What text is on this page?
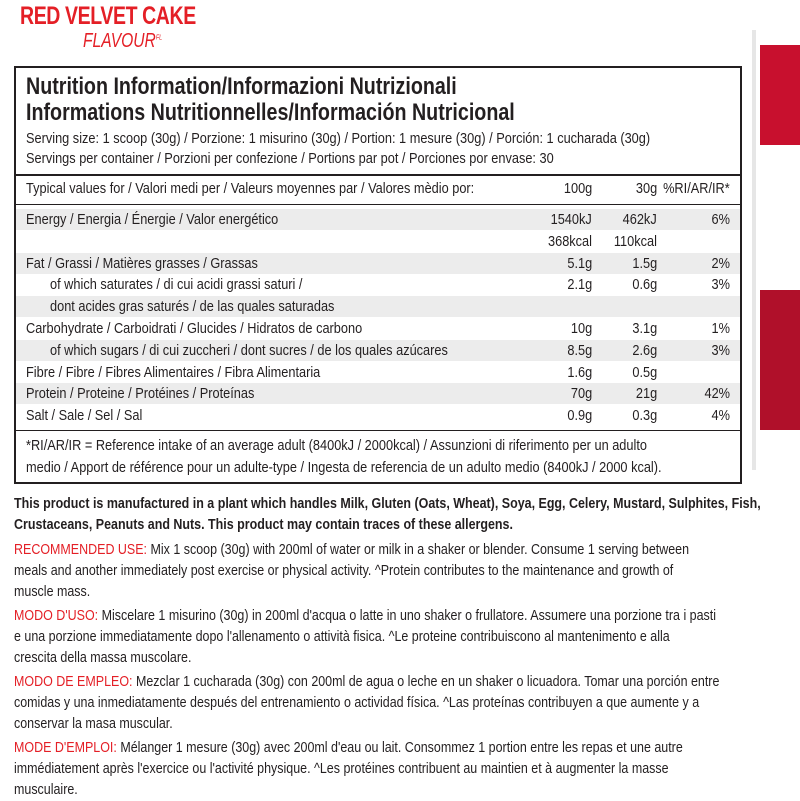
RED VELVET CAKE
$FLAVOUR^{FL}$
Nutrition Information/Informazioni Nutrizionali
Informations Nutritionnelles/Información Nutricional
Serving size: 1 scoop (30g) / Porzione: 1 misurino (30g) / Portion: 1 mesure (30g) / Porción: 1 cucharada (30g)
Servings per container / Porzioni per confezione / Portions par pot / Porciones por envase: 30
Typical values for / Valori medi per / Valeurs moyennes par / Valores mèdio por:	100g	30g %RI/AR/IR*
Energy / Energia / Énergie / Valor energético	1540kJ 462kJ	6%
368kcal 110kcal
Fat / Grassi / Matières grasses / Grassas	5.1g	1.5g	2%
of which saturates / di cui acidi grassi saturi /	2.1g	0.6g	3%
dont acides gras saturés / de las quales saturadas
Carbohydrate / Carboidrati / Glucides / Hidratos de carbono	10g	3.1g	1%
of which sugars / di cui zuccheri / dont sucres / de los quales azúcares	8.5g	2.6g	3%
Fibre / Fibre / Fibres Alimentaires / Fibra Alimentaria	1.6g	0.5g
Protein / Proteine / Protéines / Proteínas	70g	21g	42%
Salt / Sale / Sel / Sal	0.9g	0.3g	4%
*RI/AR/IR = Reference intake of an average adult (8400kJ / 2000kcal) / Assunzioni di riferimento per un adulto
medio / Apport de référence pour un adulte-type / Ingesta de referencia de un adulto medio (8400kJ / 2000 kcal).
This product is manufactured in a plant which handles Milk, Gluten (Oats, Wheat), Soya, Egg, Celery, Mustard, Sulphites, Fish,
Crustaceans, Peanuts and Nuts. This product may contain traces of these allergens.
RECOMMENDED USE: Mix 1 scoop (30g) with 200ml of water or milk in a shaker or blender. Consume 1 serving between
meals and another immediately post exercise or physical activity. ^Protein contributes to the maintenance and growth of
muscle mass.
MODO D'USO: Miscelare 1 misurino (30g) in 200ml d'acqua o latte in uno shaker o frullatore. Assumere una porzione tra i pasti
e una porzione immediatamente dopo l'allenamento o attività fisica. ^Le proteine contribuiscono al mantenimento e alla
crescita della massa muscolare.
MODO DE EMPLEO: Mezclar 1 cucharada (30g) con 200ml de agua o leche en un shaker o licuadora. Tomar una porción entre
comidas y una inmediatamente después del entrenamiento o actividad física. ^Las proteínas contribuyen a que aumente y a
conservar la masa muscular.
MODE D'EMPLOI: Mélanger 1 mesure (30g) avec 200ml d'eau ou lait. Consommez 1 portion entre les repas et une autre
immédiatement après l'exercice ou l'activité physique. ^Les protéines contribuent au maintien et à augmenter la masse
musculaire.
